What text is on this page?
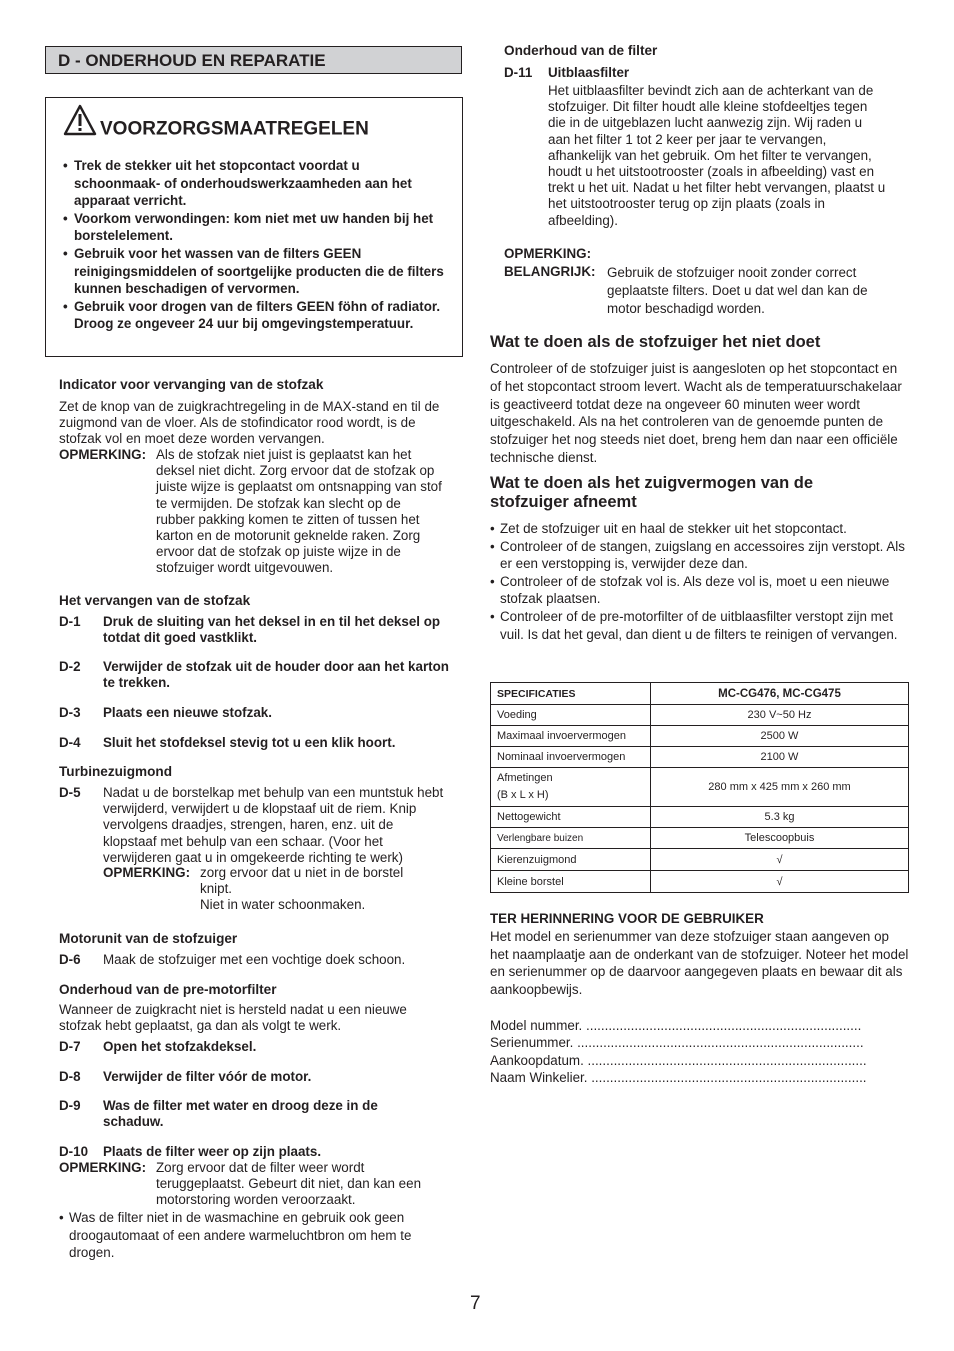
D - ONDERHOUD EN REPARATIE
VOORZORGSMAATREGELEN
• Trek de stekker uit het stopcontact voordat u schoonmaak- of onderhoudswerkzaamheden aan het apparaat verricht.
• Voorkom verwondingen: kom niet met uw handen bij het borstelelement.
• Gebruik voor het wassen van de filters GEEN reinigingsmiddelen of soortgelijke producten die de filters kunnen beschadigen of vervormen.
• Gebruik voor drogen van de filters GEEN föhn of radiator. Droog ze ongeveer 24 uur bij omgevingstemperatuur.
Indicator voor vervanging van de stofzak
Zet de knop van de zuigkrachtregeling in de MAX-stand en til de zuigmond van de vloer. Als de stofindicator rood wordt, is de stofzak vol en moet deze worden vervangen.
OPMERKING: Als de stofzak niet juist is geplaatst kan het deksel niet dicht. Zorg ervoor dat de stofzak op juiste wijze is geplaatst om ontsnapping van stof te vermijden. De stofzak kan slecht op de rubber pakking komen te zitten of tussen het karton en de motorunit geknelde raken. Zorg ervoor dat de stofzak op juiste wijze in de stofzuiger wordt uitgevouwen.
Het vervangen van de stofzak
D-1 Druk de sluiting van het deksel in en til het deksel op totdat dit goed vastklikt.
D-2 Verwijder de stofzak uit de houder door aan het karton te trekken.
D-3 Plaats een nieuwe stofzak.
D-4 Sluit het stofdeksel stevig tot u een klik hoort.
Turbinezuigmond
D-5 Nadat u de borstelkap met behulp van een muntstuk hebt verwijderd, verwijdert u de klopstaaf uit de riem. Knip vervolgens draadjes, strengen, haren, enz. uit de klopstaaf met behulp van een schaar. (Voor het verwijderen gaat u in omgekeerde richting te werk)
OPMERKING: zorg ervoor dat u niet in de borstel
knipt.
Niet in water schoonmaken.
Motorunit van de stofzuiger
D-6 Maak de stofzuiger met een vochtige doek schoon.
Onderhoud van de pre-motorfilter
Wanneer de zuigkracht niet is hersteld nadat u een nieuwe stofzak hebt geplaatst, ga dan als volgt te werk.
D-7 Open het stofzakdeksel.
D-8 Verwijder de filter vóór de motor.
D-9 Was de filter met water en droog deze in de schaduw.
D-10 Plaats de filter weer op zijn plaats.
OPMERKING: Zorg ervoor dat de filter weer wordt teruggeplaatst. Gebeurt dit niet, dan kan een motorstoring worden veroorzaakt.
• Was de filter niet in de wasmachine en gebruik ook geen droogautomaat of een andere warmeluchtbron om hem te drogen.
Onderhoud van de filter
D-11 Uitblaasfilter
Het uitblaasfilter bevindt zich aan de achterkant van de stofzuiger. Dit filter houdt alle kleine stofdeeltjes tegen die in de uitgeblazen lucht aanwezig zijn. Wij raden u aan het filter 1 tot 2 keer per jaar te vervangen, afhankelijk van het gebruik. Om het filter te vervangen, houdt u het uitstootrooster (zoals in afbeelding) vast en trekt u het uit. Nadat u het filter hebt vervangen, plaatst u het uitstootrooster terug op zijn plaats (zoals in afbeelding).
OPMERKING:
BELANGRIJK: Gebruik de stofzuiger nooit zonder correct geplaatste filters. Doet u dat wel dan kan de motor beschadigd worden.
Wat te doen als de stofzuiger het niet doet
Controleer of de stofzuiger juist is aangesloten op het stopcontact en of het stopcontact stroom levert. Wacht als de temperatuurschakelaar is geactiveerd totdat deze na ongeveer 60 minuten weer wordt uitgeschakeld. Als na het controleren van de genoemde punten de stofzuiger het nog steeds niet doet, breng hem dan naar een officiële technische dienst.
Wat te doen als het zuigvermogen van de stofzuiger afneemt
• Zet de stofzuiger uit en haal de stekker uit het stopcontact.
• Controleer of de stangen, zuigslang en accessoires zijn verstopt. Als er een verstopping is, verwijder deze dan.
• Controleer of de stofzak vol is. Als deze vol is, moet u een nieuwe stofzak plaatsen.
• Controleer of de pre-motorfilter of de uitblaasfilter verstopt zijn met vuil. Is dat het geval, dan dient u de filters te reinigen of vervangen.
SPECIFICATIES	MC-CG476, MC-CG475
Voeding	230 V~50 Hz
Maximaal invoervermogen	2500 W
Nominaal invoervermogen	2100 W

Afmetingen
(B x L x H)	280 mm x 425 mm x 260 mm
Nettogewicht	5.3 kg
Verlengbare buizen	Telescoopbuis
Kierenzuigmond	√
Kleine borstel	√
TER HERINNERING VOOR DE GEBRUIKER
Het model en serienummer van deze stofzuiger staan aangeven op het naamplaatje aan de onderkant van de stofzuiger. Noteer het model en serienummer op de daarvoor aangegeven plaats en bewaar dit als aankoopbewijs.
Model nummer. ..........................................................................
Serienummer. .............................................................................
Aankoopdatum. ...........................................................................
Naam Winkelier. ..........................................................................
7
